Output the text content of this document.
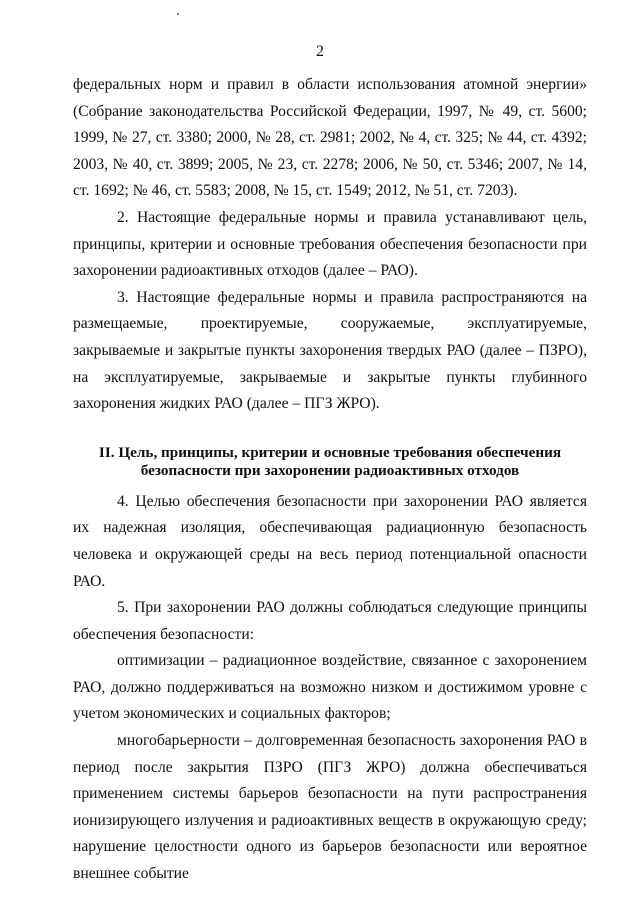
2

федеральных норм и правил в области использования атомной энергии» (Собрание законодательства Российской Федерации, 1997, № 49, ст. 5600; 1999, № 27, ст. 3380; 2000, № 28, ст. 2981; 2002, № 4, ст. 325; № 44, ст. 4392; 2003, № 40, ст. 3899; 2005, № 23, ст. 2278; 2006, № 50, ст. 5346; 2007, № 14, ст. 1692; № 46, ст. 5583; 2008, № 15, ст. 1549; 2012, № 51, ст. 7203).

2. Настоящие федеральные нормы и правила устанавливают цель, принципы, критерии и основные требования обеспечения безопасности при захоронении радиоактивных отходов (далее – РАО).

3. Настоящие федеральные нормы и правила распространяются на размещаемые, проектируемые, сооружаемые, эксплуатируемые, закрываемые и закрытые пункты захоронения твердых РАО (далее – ПЗРО), на эксплуатируемые, закрываемые и закрытые пункты глубинного захоронения жидких РАО (далее – ПГЗ ЖРО).

II. Цель, принципы, критерии и основные требования обеспечения
безопасности при захоронении радиоактивных отходов

4. Целью обеспечения безопасности при захоронении РАО является их надежная изоляция, обеспечивающая радиационную безопасность человека и окружающей среды на весь период потенциальной опасности РАО.

5. При захоронении РАО должны соблюдаться следующие принципы обеспечения безопасности:

оптимизации – радиационное воздействие, связанное с захоронением РАО, должно поддерживаться на возможно низком и достижимом уровне с учетом экономических и социальных факторов;

многобарьерности – долговременная безопасность захоронения РАО в период после закрытия ПЗРО (ПГЗ ЖРО) должна обеспечиваться применением системы барьеров безопасности на пути распространения ионизирующего излучения и радиоактивных веществ в окружающую среду; нарушение целостности одного из барьеров безопасности или вероятное внешнее событие
